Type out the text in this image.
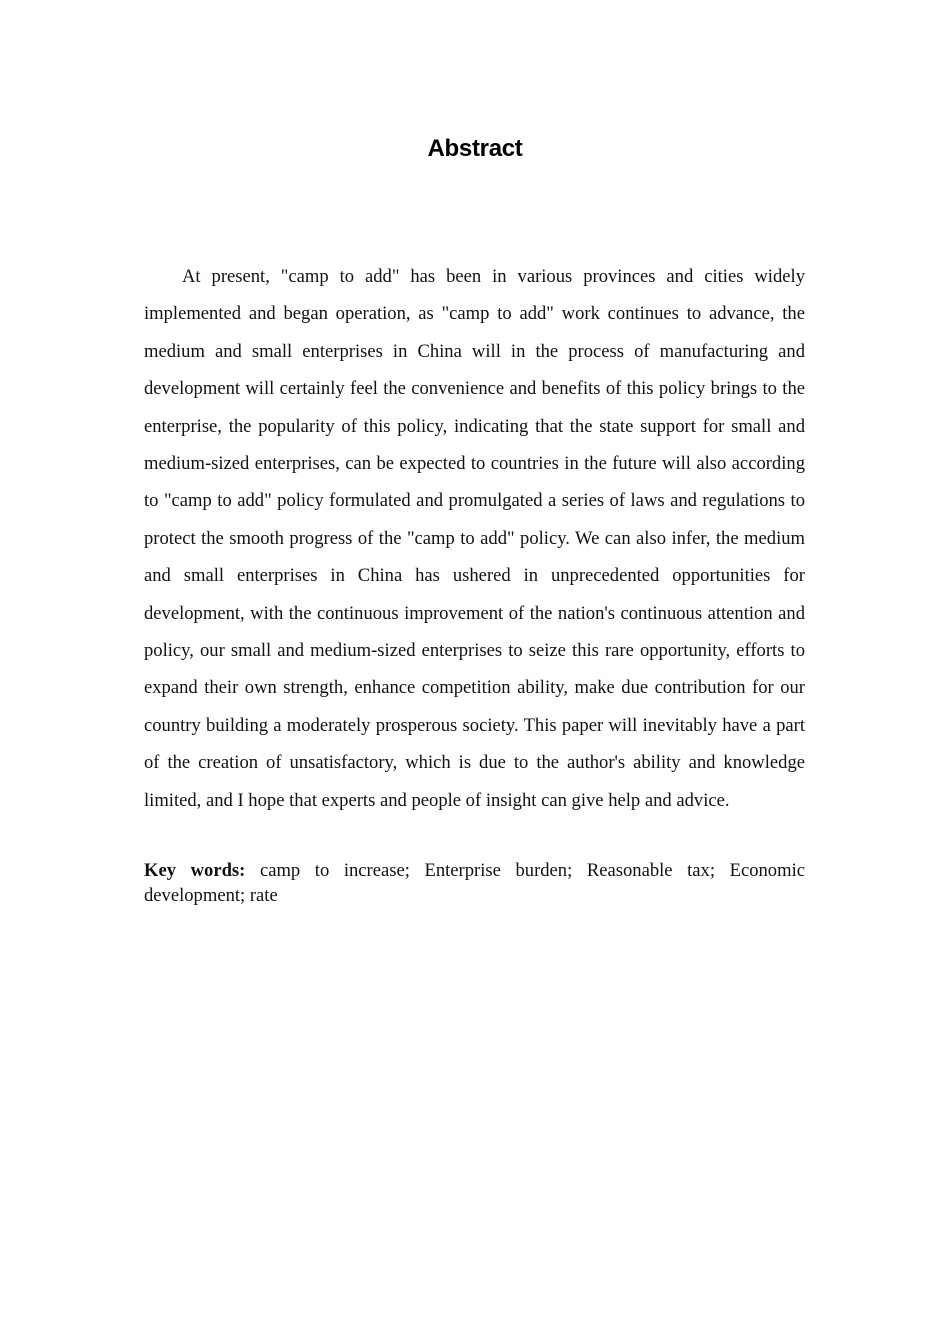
Abstract

At present, "camp to add" has been in various provinces and cities widely implemented and began operation, as "camp to add" work continues to advance, the medium and small enterprises in China will in the process of manufacturing and development will certainly feel the convenience and benefits of this policy brings to the enterprise, the popularity of this policy, indicating that the state support for small and medium-sized enterprises, can be expected to countries in the future will also according to "camp to add" policy formulated and promulgated a series of laws and regulations to protect the smooth progress of the "camp to add" policy. We can also infer, the medium and small enterprises in China has ushered in unprecedented opportunities for development, with the continuous improvement of the nation's continuous attention and policy, our small and medium-sized enterprises to seize this rare opportunity, efforts to expand their own strength, enhance competition ability, make due contribution for our country building a moderately prosperous society. This paper will inevitably have a part of the creation of unsatisfactory, which is due to the author's ability and knowledge limited, and I hope that experts and people of insight can give help and advice.

Key words: camp to increase; Enterprise burden; Reasonable tax; Economic development; rate
